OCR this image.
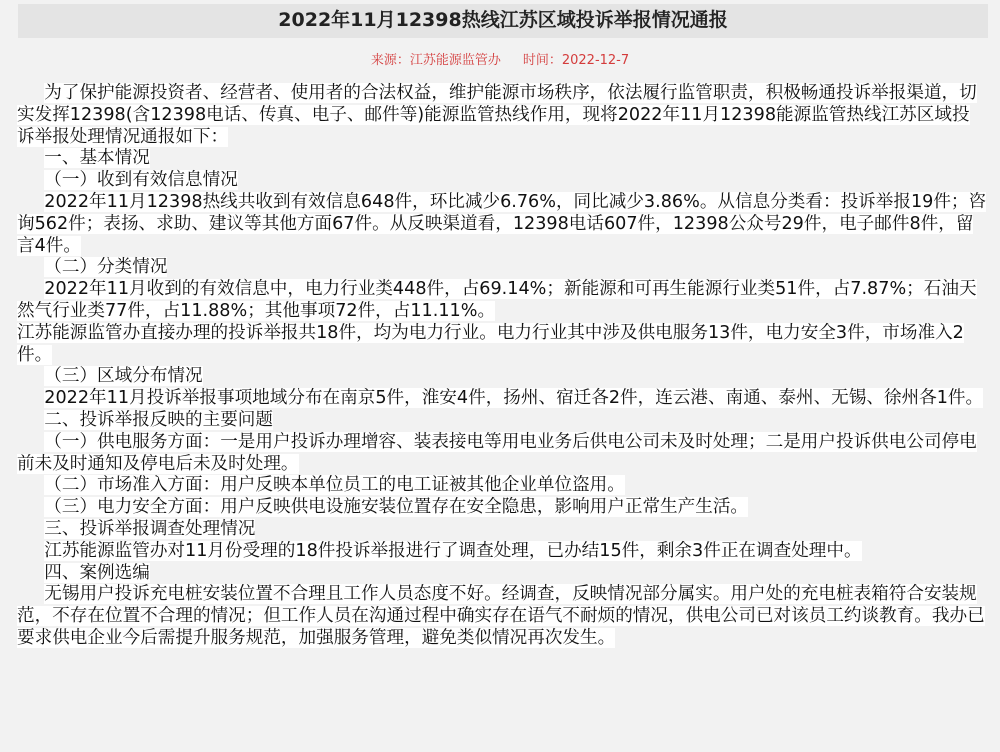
2022年11月12398热线江苏区域投诉举报情况通报
来源：江苏能源监管办 时间：2022-12-7

为了保护能源投资者、经营者、使用者的合法权益，维护能源市场秩序，依法履行监管职责，积极畅通投诉举报渠道，切实发挥12398(含12398电话、传真、电子、邮件等)能源监管热线作用，现将2022年11月12398能源监管热线江苏区域投诉举报处理情况通报如下：

一、基本情况

（一）收到有效信息情况

2022年11月12398热线共收到有效信息648件，环比减少6.76%，同比减少3.86%。从信息分类看：投诉举报19件；咨询562件；表扬、求助、建议等其他方面67件。从反映渠道看，12398电话607件，12398公众号29件，电子邮件8件，留言4件。

（二）分类情况

2022年11月收到的有效信息中，电力行业类448件，占69.14%；新能源和可再生能源行业类51件，占7.87%；石油天然气行业类77件，占11.88%；其他事项72件，占11.11%。

江苏能源监管办直接办理的投诉举报共18件，均为电力行业。电力行业其中涉及供电服务13件，电力安全3件，市场准入2件。

（三）区域分布情况

2022年11月投诉举报事项地域分布在南京5件，淮安4件，扬州、宿迁各2件，连云港、南通、泰州、无锡、徐州各1件。

二、投诉举报反映的主要问题

（一）供电服务方面：一是用户投诉办理增容、装表接电等用电业务后供电公司未及时处理；二是用户投诉供电公司停电前未及时通知及停电后未及时处理。

（二）市场准入方面：用户反映本单位员工的电工证被其他企业单位盗用。

（三）电力安全方面：用户反映供电设施安装位置存在安全隐患，影响用户正常生产生活。

三、投诉举报调查处理情况

江苏能源监管办对11月份受理的18件投诉举报进行了调查处理，已办结15件，剩余3件正在调查处理中。

四、案例选编

无锡用户投诉充电桩安装位置不合理且工作人员态度不好。经调查，反映情况部分属实。用户处的充电桩表箱符合安装规范，不存在位置不合理的情况；但工作人员在沟通过程中确实存在语气不耐烦的情况，供电公司已对该员工约谈教育。我办已要求供电企业今后需提升服务规范，加强服务管理，避免类似情况再次发生。
